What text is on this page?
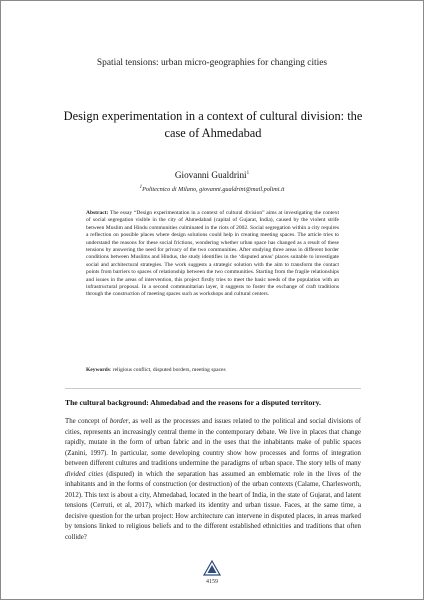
Spatial tensions: urban micro-geographies for changing cities
Design experimentation in a context of cultural division: the case of Ahmedabad
Giovanni Gualdrini$^1$
$^1$Politecnico di Milano, giovanni.gualdrini@mail.polimi.it
Abstract: The essay “Design experimentation in a context of cultural division” aims at investigating the context of social segregation visible in the city of Ahmedabad (capital of Gujarat, India), caused by the violent strife between Muslim and Hindu communities culminated in the riots of 2002. Social segregation within a city requires a reflection on possible places where design solutions could help in creating meeting spaces. The article tries to understand the reasons for these social frictions, wondering whether urban space has changed as a result of these tensions by answering the need for privacy of the two communities. After studying three areas in different border conditions between Muslims and Hindus, the study identifies in the ‘disputed areas’ places suitable to investigate social and architectural strategies. The work suggests a strategic solution with the aim to transform the contact points from barriers to spaces of relationship between the two communities. Starting from the fragile relationships and issues in the areas of intervention, this project firstly tries to meet the basic needs of the population with an infrastructural proposal. In a second communitarian layer, it suggests to foster the exchange of craft traditions through the construction of meeting spaces such as workshops and cultural centers.
Keywords: religious conflict, disputed borders, meeting spaces
The cultural background: Ahmedabad and the reasons for a disputed territory.
The concept of border, as well as the processes and issues related to the political and social divisions of cities, represents an increasingly central theme in the contemporary debate. We live in places that change rapidly, mutate in the form of urban fabric and in the uses that the inhabitants make of public spaces (Zanini, 1997). In particular, some developing country show how processes and forms of integration between different cultures and traditions undermine the paradigms of urban space. The story tells of many divided cities (disputed) in which the separation has assumed an emblematic role in the lives of the inhabitants and in the forms of construction (or destruction) of the urban contexts (Calame, Charlesworth, 2012). This text is about a city, Ahmedabad, located in the heart of India, in the state of Gujarat, and latent tensions (Cerruti, et al, 2017), which marked its identity and urban tissue. Faces, at the same time, a decisive question for the urban project: How architecture can intervene in disputed places, in areas marked by tensions linked to religious beliefs and to the different established ethnicities and traditions that often collide?
4159
